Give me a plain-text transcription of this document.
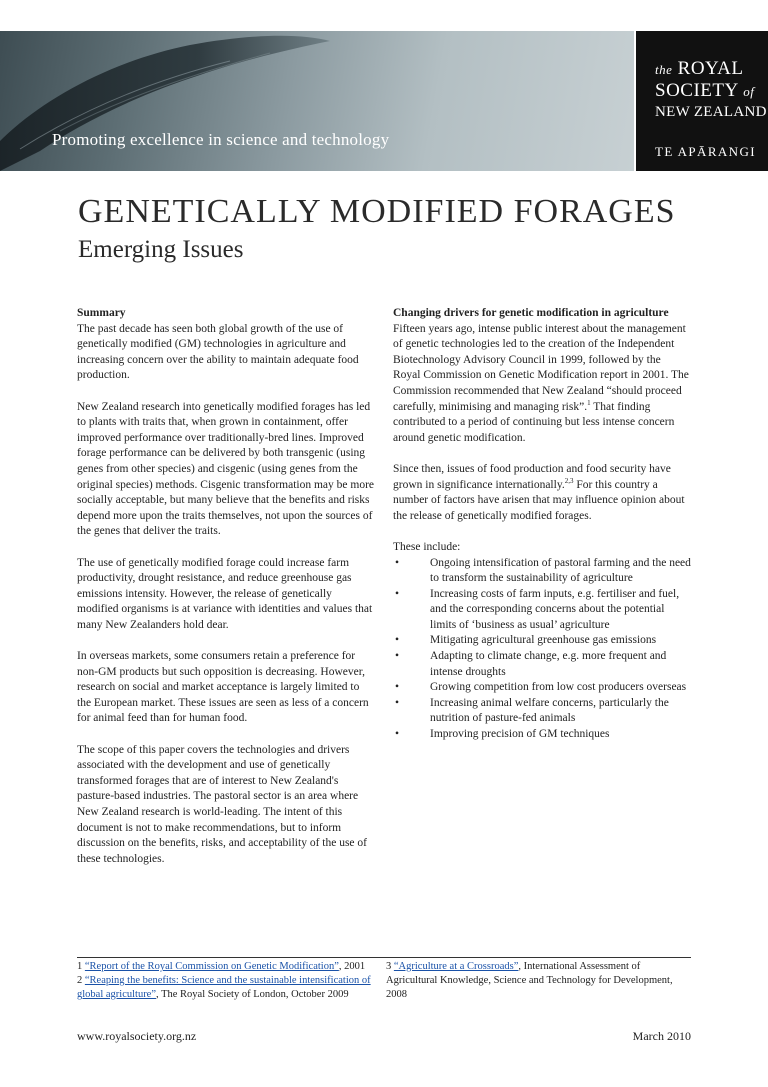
Promoting excellence in science and technology
the ROYAL
SOCIETY of
NEW ZEALAND
TE APĀRANGI
GENETICALLY MODIFIED FORAGES
Emerging Issues
Summary

The past decade has seen both global growth of the use of genetically modified (GM) technologies in agriculture and increasing concern over the ability to maintain adequate food production.

New Zealand research into genetically modified forages has led to plants with traits that, when grown in containment, offer improved performance over traditionally-bred lines. Improved forage performance can be delivered by both transgenic (using genes from other species) and cisgenic (using genes from the original species) methods. Cisgenic transformation may be more socially acceptable, but many believe that the benefits and risks depend more upon the traits themselves, not upon the sources of the genes that deliver the traits.

The use of genetically modified forage could increase farm productivity, drought resistance, and reduce greenhouse gas emissions intensity. However, the release of genetically modified organisms is at variance with identities and values that many New Zealanders hold dear.

In overseas markets, some consumers retain a preference for non-GM products but such opposition is decreasing. However, research on social and market acceptance is largely limited to the European market. These issues are seen as less of a concern for animal feed than for human food.

The scope of this paper covers the technologies and drivers associated with the development and use of genetically transformed forages that are of interest to New Zealand's pasture-based industries. The pastoral sector is an area where New Zealand research is world-leading. The intent of this document is not to make recommendations, but to inform discussion on the benefits, risks, and acceptability of the use of these technologies.

Changing drivers for genetic modification in agriculture

Fifteen years ago, intense public interest about the management of genetic technologies led to the creation of the Independent Biotechnology Advisory Council in 1999, followed by the Royal Commission on Genetic Modification report in 2001. The Commission recommended that New Zealand “should proceed carefully, minimising and managing risk”.$^1$ That finding contributed to a period of continuing but less intense concern around genetic modification.

Since then, issues of food production and food security have grown in significance internationally.$^{2,3}$ For this country a number of factors have arisen that may influence opinion about the release of genetically modified forages.

These include:
•	Ongoing intensification of pastoral farming and the need to transform the sustainability of agriculture
•	Increasing costs of farm inputs, e.g. fertiliser and fuel, and the corresponding concerns about the potential limits of ‘business as usual’ agriculture
•	Mitigating agricultural greenhouse gas emissions
•	Adapting to climate change, e.g. more frequent and intense droughts
•	Growing competition from low cost producers overseas
•	Increasing animal welfare concerns, particularly the nutrition of pasture-fed animals
•	Improving precision of GM techniques
1 “Report of the Royal Commission on Genetic Modification”, 2001
2 “Reaping the benefits: Science and the sustainable intensification of global agriculture”, The Royal Society of London, October 2009
3 “Agriculture at a Crossroads”, International Assessment of Agricultural Knowledge, Science and Technology for Development, 2008
www.royalsociety.org.nz	March 2010
